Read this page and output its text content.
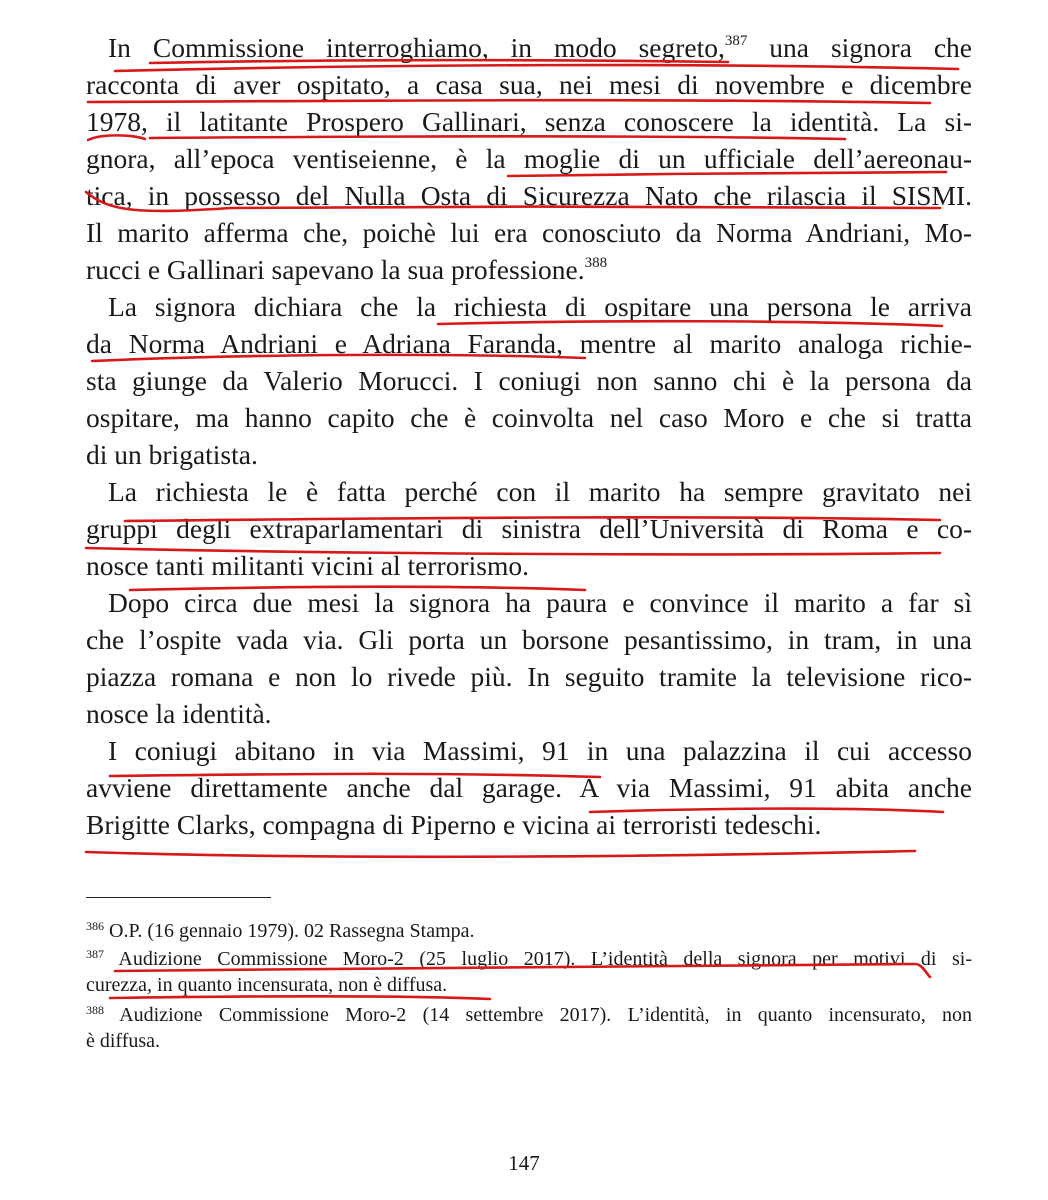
In Commissione interroghiamo, in modo segreto,$^{387}$ una signora che
racconta di aver ospitato, a casa sua, nei mesi di novembre e dicembre
1978, il latitante Prospero Gallinari, senza conoscere la identità. La si-
gnora, all’epoca ventiseienne, è la moglie di un ufficiale dell’aereonau-
tica, in possesso del Nulla Osta di Sicurezza Nato che rilascia il SISMI.
Il marito afferma che, poichè lui era conosciuto da Norma Andriani, Mo-
rucci e Gallinari sapevano la sua professione.$^{388}$
La signora dichiara che la richiesta di ospitare una persona le arriva
da Norma Andriani e Adriana Faranda, mentre al marito analoga richie-
sta giunge da Valerio Morucci. I coniugi non sanno chi è la persona da
ospitare, ma hanno capito che è coinvolta nel caso Moro e che si tratta
di un brigatista.
La richiesta le è fatta perché con il marito ha sempre gravitato nei
gruppi degli extraparlamentari di sinistra dell’Università di Roma e co-
nosce tanti militanti vicini al terrorismo.
Dopo circa due mesi la signora ha paura e convince il marito a far sì
che l’ospite vada via. Gli porta un borsone pesantissimo, in tram, in una
piazza romana e non lo rivede più. In seguito tramite la televisione rico-
nosce la identità.
I coniugi abitano in via Massimi, 91 in una palazzina il cui accesso
avviene direttamente anche dal garage. A via Massimi, 91 abita anche
Brigitte Clarks, compagna di Piperno e vicina ai terroristi tedeschi.
$^{386}$ O.P. (16 gennaio 1979). 02 Rassegna Stampa.
$^{387}$ Audizione Commissione Moro-2 (25 luglio 2017). L’identità della signora per motivi di si-
curezza, in quanto incensurata, non è diffusa.
$^{388}$ Audizione Commissione Moro-2 (14 settembre 2017). L’identità, in quanto incensurato, non
è diffusa.
147
